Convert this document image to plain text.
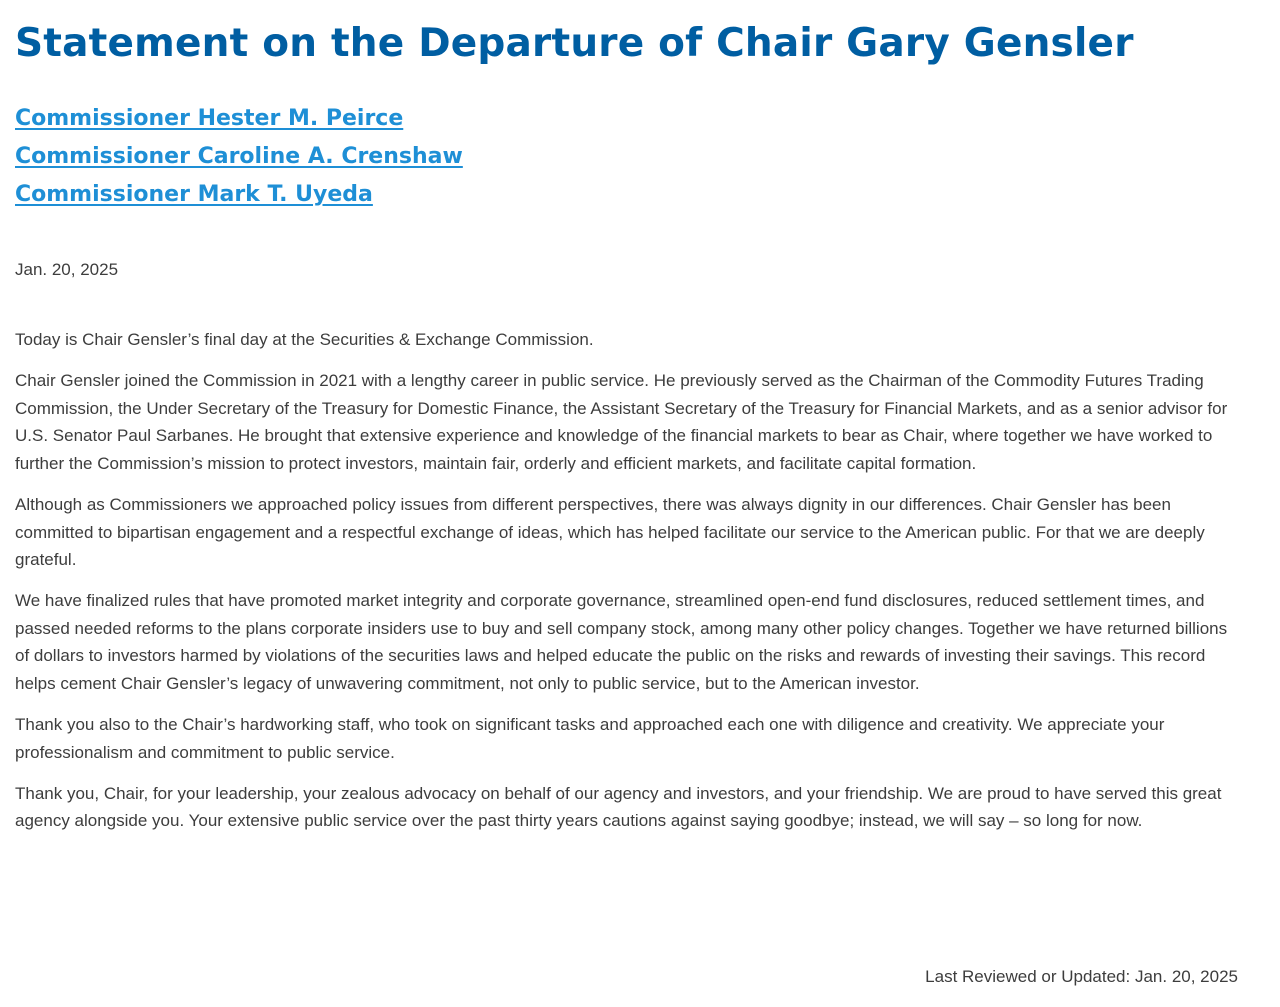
Statement on the Departure of Chair Gary Gensler
Commissioner Hester M. Peirce
Commissioner Caroline A. Crenshaw
Commissioner Mark T. Uyeda
Jan. 20, 2025

Today is Chair Gensler’s final day at the Securities & Exchange Commission.

Chair Gensler joined the Commission in 2021 with a lengthy career in public service. He previously served as the Chairman of the Commodity Futures Trading Commission, the Under Secretary of the Treasury for Domestic Finance, the Assistant Secretary of the Treasury for Financial Markets, and as a senior advisor for U.S. Senator Paul Sarbanes. He brought that extensive experience and knowledge of the financial markets to bear as Chair, where together we have worked to further the Commission’s mission to protect investors, maintain fair, orderly and efficient markets, and facilitate capital formation.

Although as Commissioners we approached policy issues from different perspectives, there was always dignity in our differences. Chair Gensler has been committed to bipartisan engagement and a respectful exchange of ideas, which has helped facilitate our service to the American public. For that we are deeply grateful.

We have finalized rules that have promoted market integrity and corporate governance, streamlined open-end fund disclosures, reduced settlement times, and passed needed reforms to the plans corporate insiders use to buy and sell company stock, among many other policy changes. Together we have returned billions of dollars to investors harmed by violations of the securities laws and helped educate the public on the risks and rewards of investing their savings. This record helps cement Chair Gensler’s legacy of unwavering commitment, not only to public service, but to the American investor.

Thank you also to the Chair’s hardworking staff, who took on significant tasks and approached each one with diligence and creativity. We appreciate your professionalism and commitment to public service.

Thank you, Chair, for your leadership, your zealous advocacy on behalf of our agency and investors, and your friendship. We are proud to have served this great agency alongside you. Your extensive public service over the past thirty years cautions against saying goodbye; instead, we will say – so long for now.

Last Reviewed or Updated: Jan. 20, 2025
